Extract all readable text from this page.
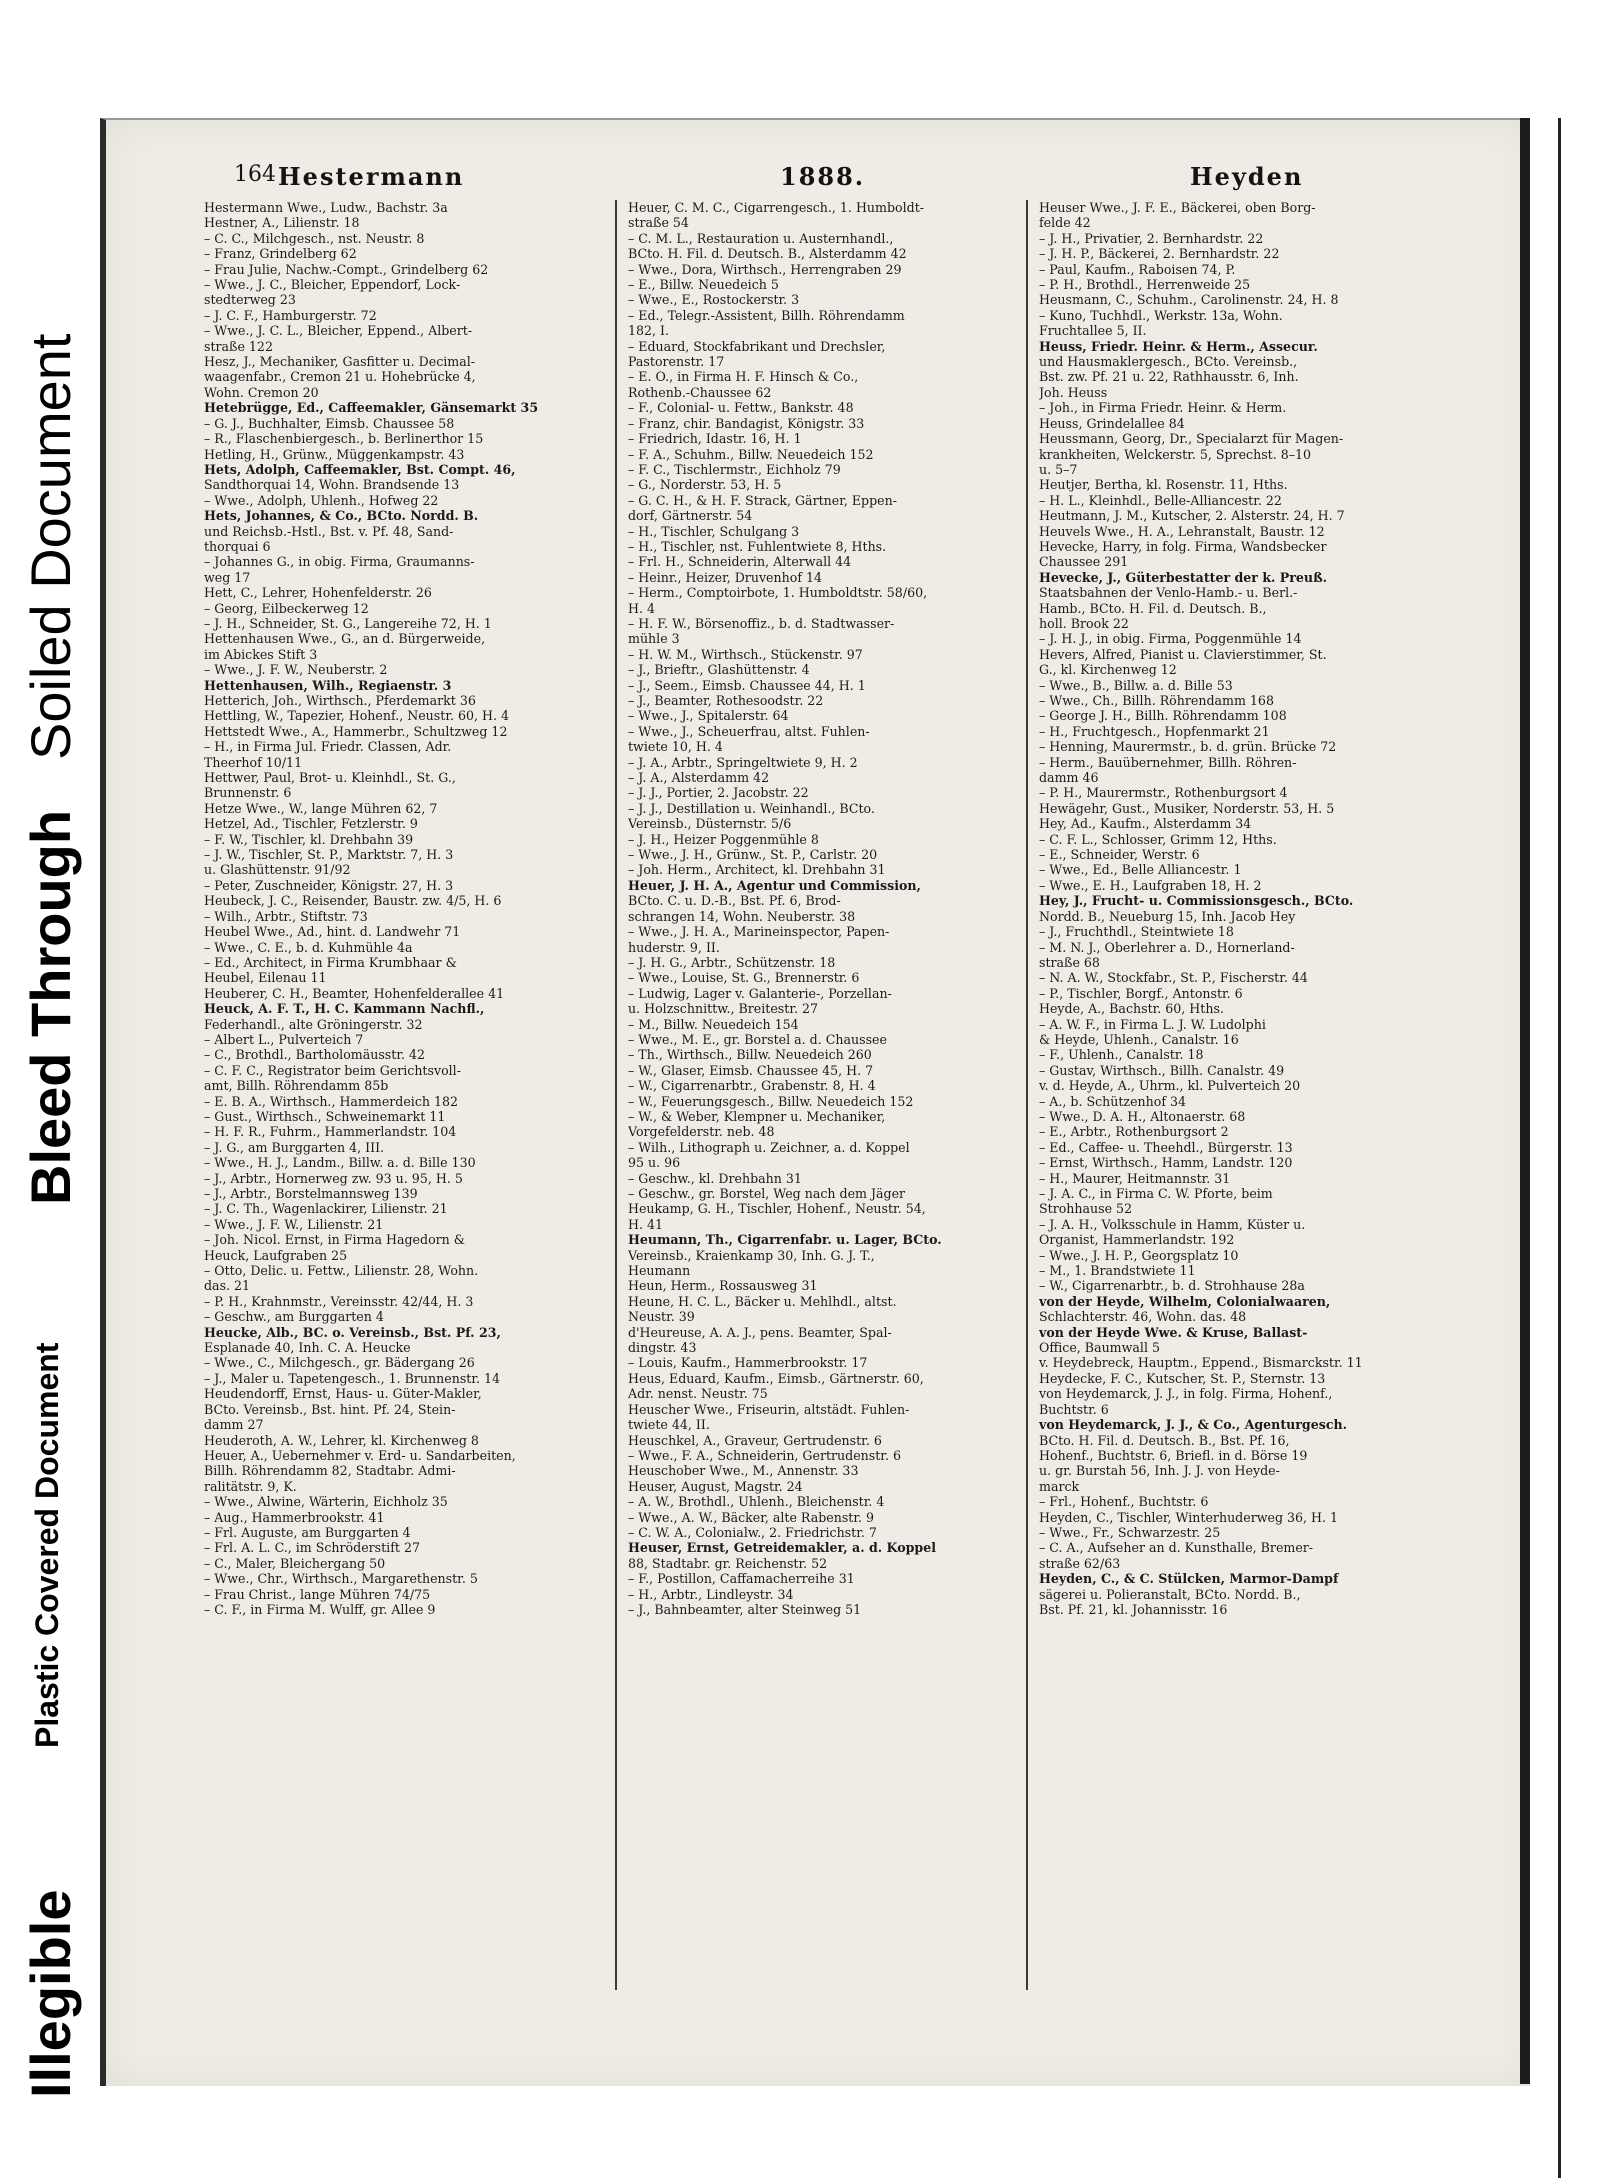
Illegible
Plastic Covered Document
Bleed Through
Soiled Document
164 Hestermann	1888.	Heyden
Hestermann Wwe., Ludw., Bachstr. 3a
Hestner, A., Lilienstr. 18
– C. C., Milchgesch., nst. Neustr. 8
– Franz, Grindelberg 62
– Frau Julie, Nachw.-Compt., Grindelberg 62
– Wwe., J. C., Bleicher, Eppendorf, Lock-
stedterweg 23
– J. C. F., Hamburgerstr. 72
– Wwe., J. C. L., Bleicher, Eppend., Albert-
straße 122
Hesz, J., Mechaniker, Gasfitter u. Decimal-
waagenfabr., Cremon 21 u. Hohebrücke 4,
Wohn. Cremon 20
Hetebrügge, Ed., Caffeemakler, Gänsemarkt 35
– G. J., Buchhalter, Eimsb. Chaussee 58
– R., Flaschenbiergesch., b. Berlinerthor 15
Hetling, H., Grünw., Müggenkampstr. 43
Hets, Adolph, Caffeemakler, Bst. Compt. 46,
Sandthorquai 14, Wohn. Brandsende 13
– Wwe., Adolph, Uhlenh., Hofweg 22
Hets, Johannes, & Co., BCto. Nordd. B.
und Reichsb.-Hstl., Bst. v. Pf. 48, Sand-
thorquai 6
– Johannes G., in obig. Firma, Graumanns-
weg 17
Hett, C., Lehrer, Hohenfelderstr. 26
– Georg, Eilbeckerweg 12
– J. H., Schneider, St. G., Langereihe 72, H. 1
Hettenhausen Wwe., G., an d. Bürgerweide,
im Abickes Stift 3
– Wwe., J. F. W., Neuberstr. 2
Hettenhausen, Wilh., Regiaenstr. 3
Hetterich, Joh., Wirthsch., Pferdemarkt 36
Hettling, W., Tapezier, Hohenf., Neustr. 60, H. 4
Hettstedt Wwe., A., Hammerbr., Schultzweg 12
– H., in Firma Jul. Friedr. Classen, Adr.
Theerhof 10/11
Hettwer, Paul, Brot- u. Kleinhdl., St. G.,
Brunnenstr. 6
Hetze Wwe., W., lange Mühren 62, 7
Hetzel, Ad., Tischler, Fetzlerstr. 9
– F. W., Tischler, kl. Drehbahn 39
– J. W., Tischler, St. P., Marktstr. 7, H. 3
u. Glashüttenstr. 91/92
– Peter, Zuschneider, Königstr. 27, H. 3
Heubeck, J. C., Reisender, Baustr. zw. 4/5, H. 6
– Wilh., Arbtr., Stiftstr. 73
Heubel Wwe., Ad., hint. d. Landwehr 71
– Wwe., C. E., b. d. Kuhmühle 4a
– Ed., Architect, in Firma Krumbhaar &
Heubel, Eilenau 11
Heuberer, C. H., Beamter, Hohenfelderallee 41
Heuck, A. F. T., H. C. Kammann Nachfl.,
Federhandl., alte Gröningerstr. 32
– Albert L., Pulverteich 7
– C., Brothdl., Bartholomäusstr. 42
– C. F. C., Registrator beim Gerichtsvoll-
amt, Billh. Röhrendamm 85b
– E. B. A., Wirthsch., Hammerdeich 182
– Gust., Wirthsch., Schweinemarkt 11
– H. F. R., Fuhrm., Hammerlandstr. 104
– J. G., am Burggarten 4, III.
– Wwe., H. J., Landm., Billw. a. d. Bille 130
– J., Arbtr., Hornerweg zw. 93 u. 95, H. 5
– J., Arbtr., Borstelmannsweg 139
– J. C. Th., Wagenlackirer, Lilienstr. 21
– Wwe., J. F. W., Lilienstr. 21
– Joh. Nicol. Ernst, in Firma Hagedorn &
Heuck, Laufgraben 25
– Otto, Delic. u. Fettw., Lilienstr. 28, Wohn.
das. 21
– P. H., Krahnmstr., Vereinsstr. 42/44, H. 3
– Geschw., am Burggarten 4
Heucke, Alb., BC. o. Vereinsb., Bst. Pf. 23,
Esplanade 40, Inh. C. A. Heucke
– Wwe., C., Milchgesch., gr. Bädergang 26
– J., Maler u. Tapetengesch., 1. Brunnenstr. 14
Heudendorff, Ernst, Haus- u. Güter-Makler,
BCto. Vereinsb., Bst. hint. Pf. 24, Stein-
damm 27
Heuderoth, A. W., Lehrer, kl. Kirchenweg 8
Heuer, A., Uebernehmer v. Erd- u. Sandarbeiten,
Billh. Röhrendamm 82, Stadtabr. Admi-
ralitätstr. 9, K.
– Wwe., Alwine, Wärterin, Eichholz 35
– Aug., Hammerbrookstr. 41
– Frl. Auguste, am Burggarten 4
– Frl. A. L. C., im Schröderstift 27
– C., Maler, Bleichergang 50
– Wwe., Chr., Wirthsch., Margarethenstr. 5
– Frau Christ., lange Mühren 74/75
– C. F., in Firma M. Wulff, gr. Allee 9
Heuer, C. M. C., Cigarrengesch., 1. Humboldt-
straße 54
– C. M. L., Restauration u. Austernhandl.,
BCto. H. Fil. d. Deutsch. B., Alsterdamm 42
– Wwe., Dora, Wirthsch., Herrengraben 29
– E., Billw. Neuedeich 5
– Wwe., E., Rostockerstr. 3
– Ed., Telegr.-Assistent, Billh. Röhrendamm
182, I.
– Eduard, Stockfabrikant und Drechsler,
Pastorenstr. 17
– E. O., in Firma H. F. Hinsch & Co.,
Rothenb.-Chaussee 62
– F., Colonial- u. Fettw., Bankstr. 48
– Franz, chir. Bandagist, Königstr. 33
– Friedrich, Idastr. 16, H. 1
– F. A., Schuhm., Billw. Neuedeich 152
– F. C., Tischlermstr., Eichholz 79
– G., Norderstr. 53, H. 5
– G. C. H., & H. F. Strack, Gärtner, Eppen-
dorf, Gärtnerstr. 54
– H., Tischler, Schulgang 3
– H., Tischler, nst. Fuhlentwiete 8, Hths.
– Frl. H., Schneiderin, Alterwall 44
– Heinr., Heizer, Druvenhof 14
– Herm., Comptoirbote, 1. Humboldtstr. 58/60,
H. 4
– H. F. W., Börsenoffiz., b. d. Stadtwasser-
mühle 3
– H. W. M., Wirthsch., Stückenstr. 97
– J., Brieftr., Glashüttenstr. 4
– J., Seem., Eimsb. Chaussee 44, H. 1
– J., Beamter, Rothesoodstr. 22
– Wwe., J., Spitalerstr. 64
– Wwe., J., Scheuerfrau, altst. Fuhlen-
twiete 10, H. 4
– J. A., Arbtr., Springeltwiete 9, H. 2
– J. A., Alsterdamm 42
– J. J., Portier, 2. Jacobstr. 22
– J. J., Destillation u. Weinhandl., BCto.
Vereinsb., Düsternstr. 5/6
– J. H., Heizer Poggenmühle 8
– Wwe., J. H., Grünw., St. P., Carlstr. 20
– Joh. Herm., Architect, kl. Drehbahn 31
Heuer, J. H. A., Agentur und Commission,
BCto. C. u. D.-B., Bst. Pf. 6, Brod-
schrangen 14, Wohn. Neuberstr. 38
– Wwe., J. H. A., Marineinspector, Papen-
huderstr. 9, II.
– J. H. G., Arbtr., Schützenstr. 18
– Wwe., Louise, St. G., Brennerstr. 6
– Ludwig, Lager v. Galanterie-, Porzellan-
u. Holzschnittw., Breitestr. 27
– M., Billw. Neuedeich 154
– Wwe., M. E., gr. Borstel a. d. Chaussee
– Th., Wirthsch., Billw. Neuedeich 260
– W., Glaser, Eimsb. Chaussee 45, H. 7
– W., Cigarrenarbtr., Grabenstr. 8, H. 4
– W., Feuerungsgesch., Billw. Neuedeich 152
– W., & Weber, Klempner u. Mechaniker,
Vorgefelderstr. neb. 48
– Wilh., Lithograph u. Zeichner, a. d. Koppel
95 u. 96
– Geschw., kl. Drehbahn 31
– Geschw., gr. Borstel, Weg nach dem Jäger
Heukamp, G. H., Tischler, Hohenf., Neustr. 54,
H. 41
Heumann, Th., Cigarrenfabr. u. Lager, BCto.
Vereinsb., Kraienkamp 30, Inh. G. J. T.,
Heumann
Heun, Herm., Rossausweg 31
Heune, H. C. L., Bäcker u. Mehlhdl., altst.
Neustr. 39
d'Heureuse, A. A. J., pens. Beamter, Spal-
dingstr. 43
– Louis, Kaufm., Hammerbrookstr. 17
Heus, Eduard, Kaufm., Eimsb., Gärtnerstr. 60,
Adr. nenst. Neustr. 75
Heuscher Wwe., Friseurin, altstädt. Fuhlen-
twiete 44, II.
Heuschkel, A., Graveur, Gertrudenstr. 6
– Wwe., F. A., Schneiderin, Gertrudenstr. 6
Heuschober Wwe., M., Annenstr. 33
Heuser, August, Magstr. 24
– A. W., Brothdl., Uhlenh., Bleichenstr. 4
– Wwe., A. W., Bäcker, alte Rabenstr. 9
– C. W. A., Colonialw., 2. Friedrichstr. 7
Heuser, Ernst, Getreidemakler, a. d. Koppel
88, Stadtabr. gr. Reichenstr. 52
– F., Postillon, Caffamacherreihe 31
– H., Arbtr., Lindleystr. 34
– J., Bahnbeamter, alter Steinweg 51
Heuser Wwe., J. F. E., Bäckerei, oben Borg-
felde 42
– J. H., Privatier, 2. Bernhardstr. 22
– J. H. P., Bäckerei, 2. Bernhardstr. 22
– Paul, Kaufm., Raboisen 74, P.
– P. H., Brothdl., Herrenweide 25
Heusmann, C., Schuhm., Carolinenstr. 24, H. 8
– Kuno, Tuchhdl., Werkstr. 13a, Wohn.
Fruchtallee 5, II.
Heuss, Friedr. Heinr. & Herm., Assecur.
und Hausmaklergesch., BCto. Vereinsb.,
Bst. zw. Pf. 21 u. 22, Rathhausstr. 6, Inh.
Joh. Heuss
– Joh., in Firma Friedr. Heinr. & Herm.
Heuss, Grindelallee 84
Heussmann, Georg, Dr., Specialarzt für Magen-
krankheiten, Welckerstr. 5, Sprechst. 8–10
u. 5–7
Heutjer, Bertha, kl. Rosenstr. 11, Hths.
– H. L., Kleinhdl., Belle-Alliancestr. 22
Heutmann, J. M., Kutscher, 2. Alsterstr. 24, H. 7
Heuvels Wwe., H. A., Lehranstalt, Baustr. 12
Hevecke, Harry, in folg. Firma, Wandsbecker
Chaussee 291
Hevecke, J., Güterbestatter der k. Preuß.
Staatsbahnen der Venlo-Hamb.- u. Berl.-
Hamb., BCto. H. Fil. d. Deutsch. B.,
holl. Brook 22
– J. H. J., in obig. Firma, Poggenmühle 14
Hevers, Alfred, Pianist u. Clavierstimmer, St.
G., kl. Kirchenweg 12
– Wwe., B., Billw. a. d. Bille 53
– Wwe., Ch., Billh. Röhrendamm 168
– George J. H., Billh. Röhrendamm 108
– H., Fruchtgesch., Hopfenmarkt 21
– Henning, Maurermstr., b. d. grün. Brücke 72
– Herm., Bauübernehmer, Billh. Röhren-
damm 46
– P. H., Maurermstr., Rothenburgsort 4
Hewägehr, Gust., Musiker, Norderstr. 53, H. 5
Hey, Ad., Kaufm., Alsterdamm 34
– C. F. L., Schlosser, Grimm 12, Hths.
– E., Schneider, Werstr. 6
– Wwe., Ed., Belle Alliancestr. 1
– Wwe., E. H., Laufgraben 18, H. 2
Hey, J., Frucht- u. Commissionsgesch., BCto.
Nordd. B., Neueburg 15, Inh. Jacob Hey
– J., Fruchthdl., Steintwiete 18
– M. N. J., Oberlehrer a. D., Hornerland-
straße 68
– N. A. W., Stockfabr., St. P., Fischerstr. 44
– P., Tischler, Borgf., Antonstr. 6
Heyde, A., Bachstr. 60, Hths.
– A. W. F., in Firma L. J. W. Ludolphi
& Heyde, Uhlenh., Canalstr. 16
– F., Uhlenh., Canalstr. 18
– Gustav, Wirthsch., Billh. Canalstr. 49
v. d. Heyde, A., Uhrm., kl. Pulverteich 20
– A., b. Schützenhof 34
– Wwe., D. A. H., Altonaerstr. 68
– E., Arbtr., Rothenburgsort 2
– Ed., Caffee- u. Theehdl., Bürgerstr. 13
– Ernst, Wirthsch., Hamm, Landstr. 120
– H., Maurer, Heitmannstr. 31
– J. A. C., in Firma C. W. Pforte, beim
Strohhause 52
– J. A. H., Volksschule in Hamm, Küster u.
Organist, Hammerlandstr. 192
– Wwe., J. H. P., Georgsplatz 10
– M., 1. Brandstwiete 11
– W., Cigarrenarbtr., b. d. Strohhause 28a
von der Heyde, Wilhelm, Colonialwaaren,
Schlachterstr. 46, Wohn. das. 48
von der Heyde Wwe. & Kruse, Ballast-
Office, Baumwall 5
v. Heydebreck, Hauptm., Eppend., Bismarckstr. 11
Heydecke, F. C., Kutscher, St. P., Sternstr. 13
von Heydemarck, J. J., in folg. Firma, Hohenf.,
Buchtstr. 6
von Heydemarck, J. J., & Co., Agenturgesch.
BCto. H. Fil. d. Deutsch. B., Bst. Pf. 16,
Hohenf., Buchtstr. 6, Briefl. in d. Börse 19
u. gr. Burstah 56, Inh. J. J. von Heyde-
marck
– Frl., Hohenf., Buchtstr. 6
Heyden, C., Tischler, Winterhuderweg 36, H. 1
– Wwe., Fr., Schwarzestr. 25
– C. A., Aufseher an d. Kunsthalle, Bremer-
straße 62/63
Heyden, C., & C. Stülcken, Marmor-Dampf
sägerei u. Polieranstalt, BCto. Nordd. B.,
Bst. Pf. 21, kl. Johannisstr. 16
